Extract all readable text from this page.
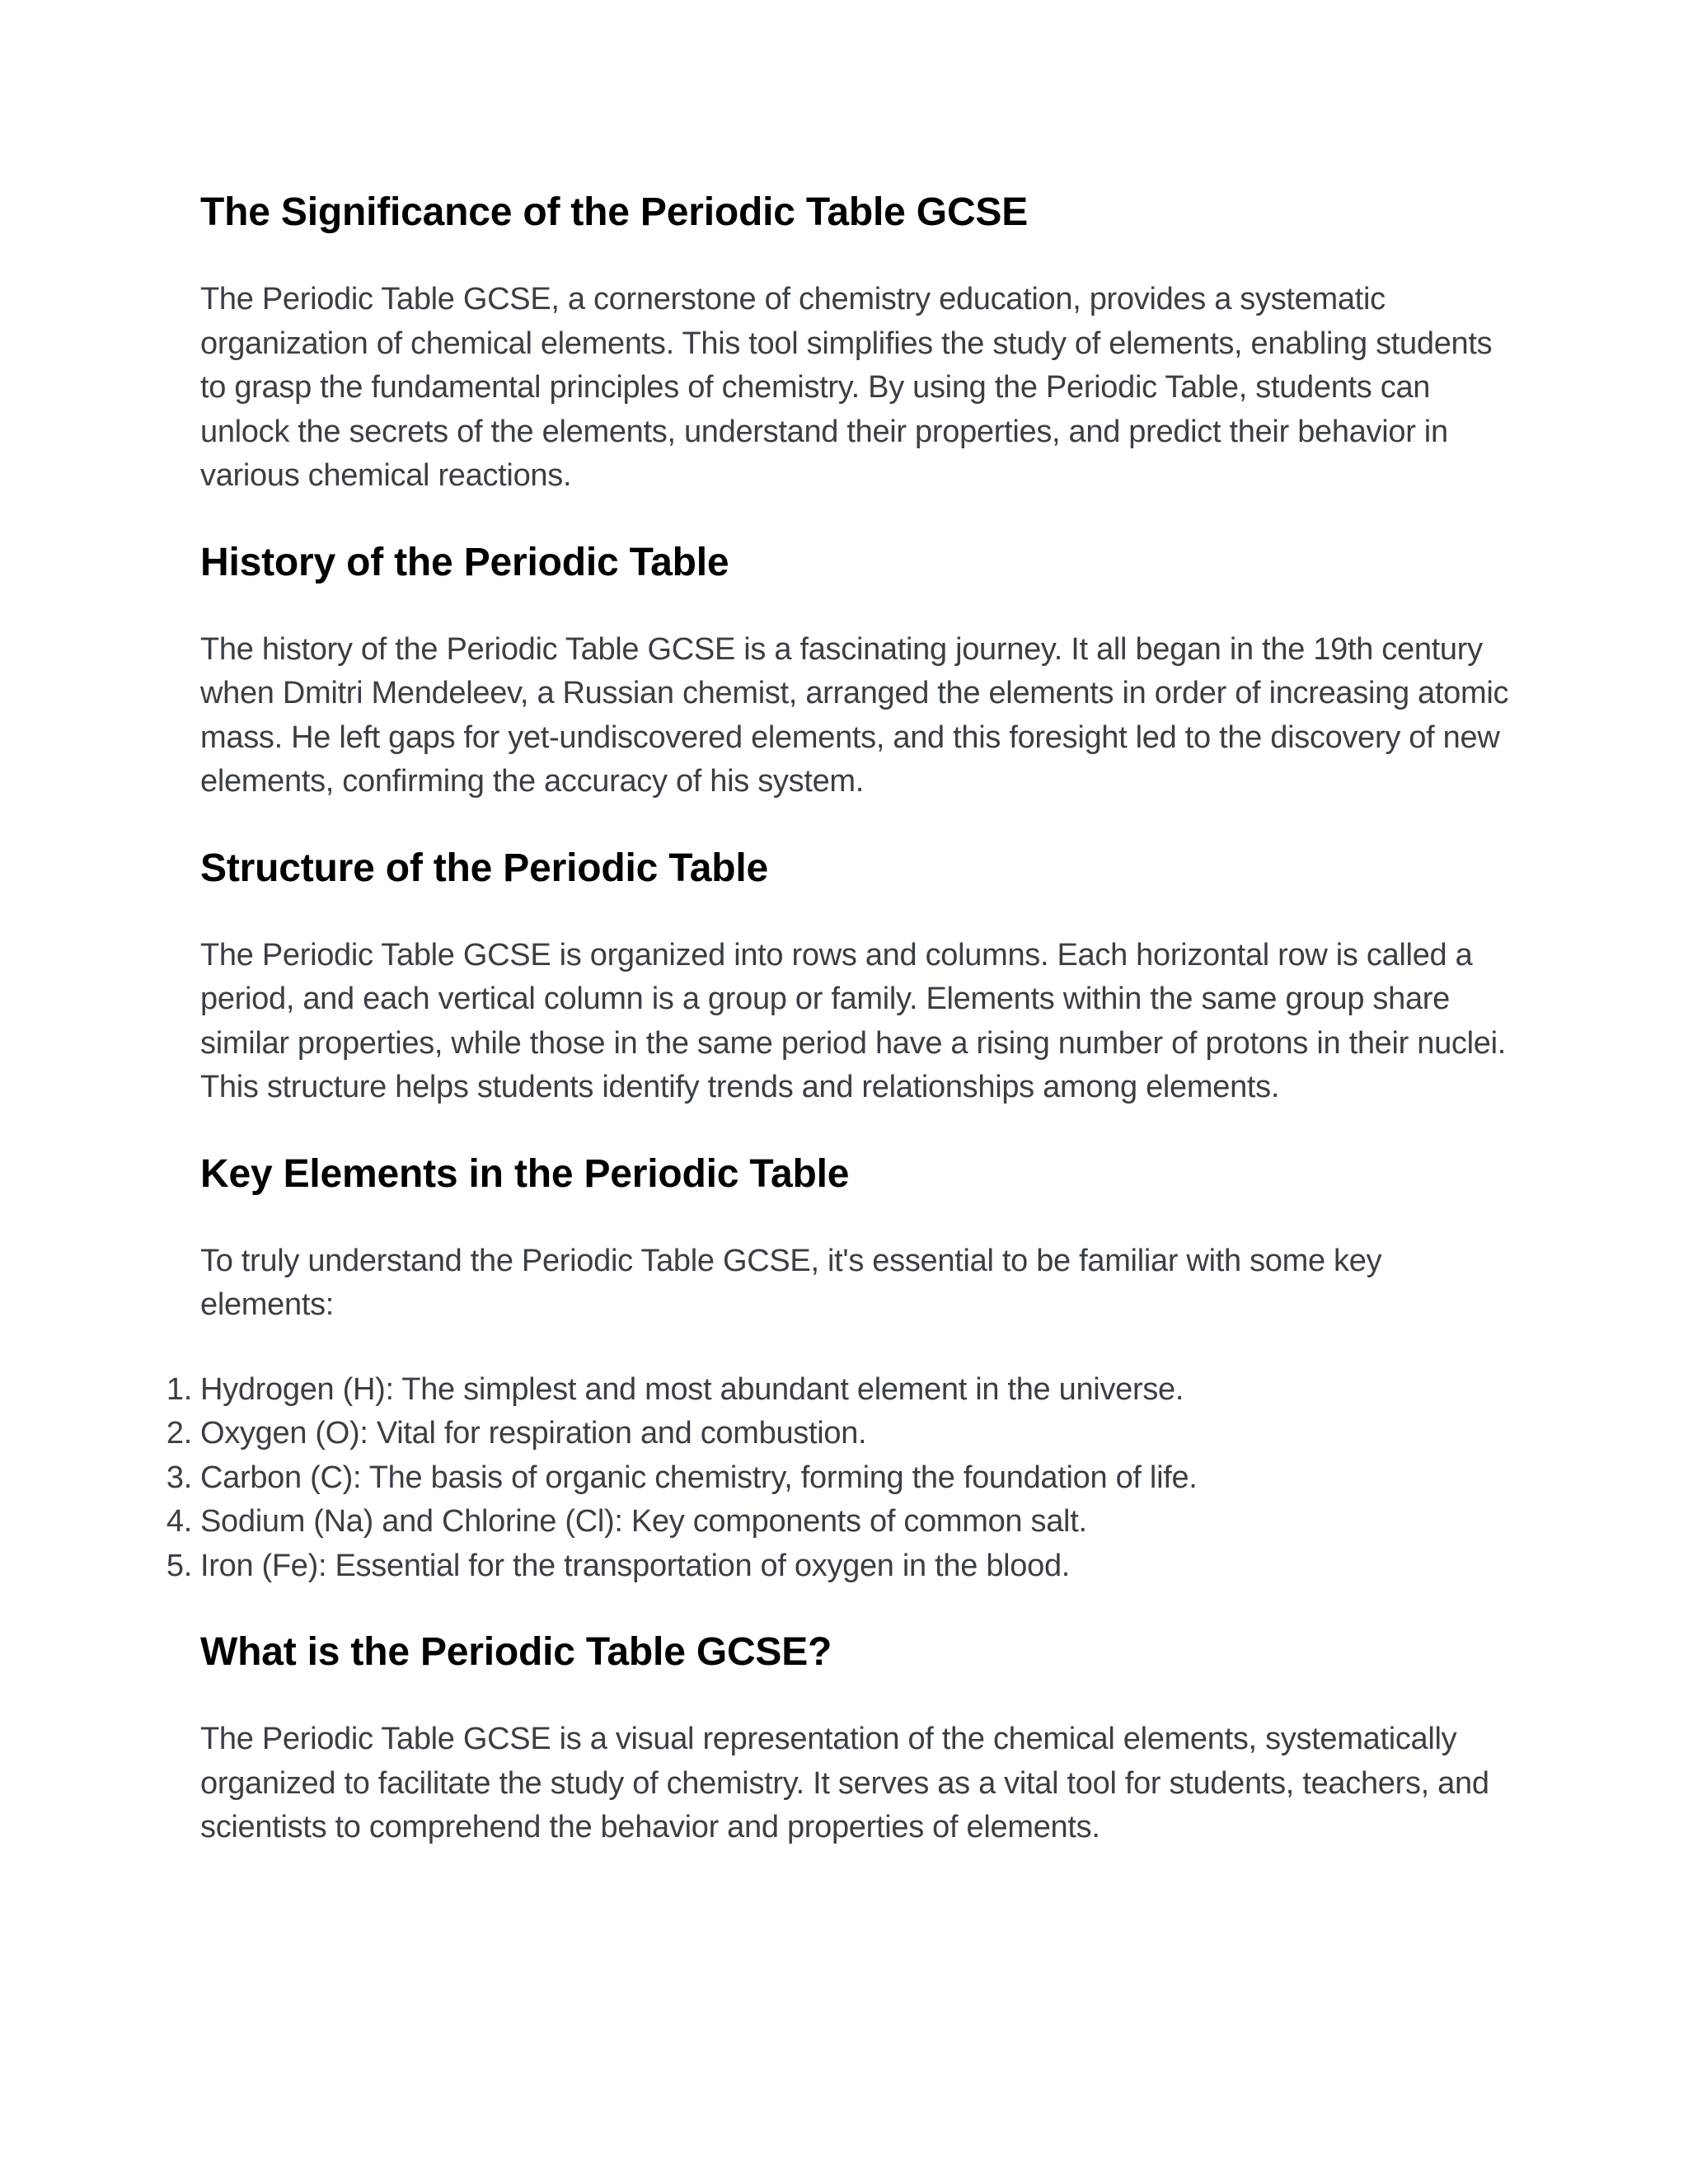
The Significance of the Periodic Table GCSE

The Periodic Table GCSE, a cornerstone of chemistry education, provides a systematic organization of chemical elements. This tool simplifies the study of elements, enabling students to grasp the fundamental principles of chemistry. By using the Periodic Table, students can unlock the secrets of the elements, understand their properties, and predict their behavior in various chemical reactions.

History of the Periodic Table

The history of the Periodic Table GCSE is a fascinating journey. It all began in the 19th century when Dmitri Mendeleev, a Russian chemist, arranged the elements in order of increasing atomic mass. He left gaps for yet-undiscovered elements, and this foresight led to the discovery of new elements, confirming the accuracy of his system.

Structure of the Periodic Table

The Periodic Table GCSE is organized into rows and columns. Each horizontal row is called a period, and each vertical column is a group or family. Elements within the same group share similar properties, while those in the same period have a rising number of protons in their nuclei. This structure helps students identify trends and relationships among elements.

Key Elements in the Periodic Table

To truly understand the Periodic Table GCSE, it's essential to be familiar with some key elements:

1. Hydrogen (H): The simplest and most abundant element in the universe.
2. Oxygen (O): Vital for respiration and combustion.
3. Carbon (C): The basis of organic chemistry, forming the foundation of life.
4. Sodium (Na) and Chlorine (Cl): Key components of common salt.
5. Iron (Fe): Essential for the transportation of oxygen in the blood.
What is the Periodic Table GCSE?

The Periodic Table GCSE is a visual representation of the chemical elements, systematically organized to facilitate the study of chemistry. It serves as a vital tool for students, teachers, and scientists to comprehend the behavior and properties of elements.
